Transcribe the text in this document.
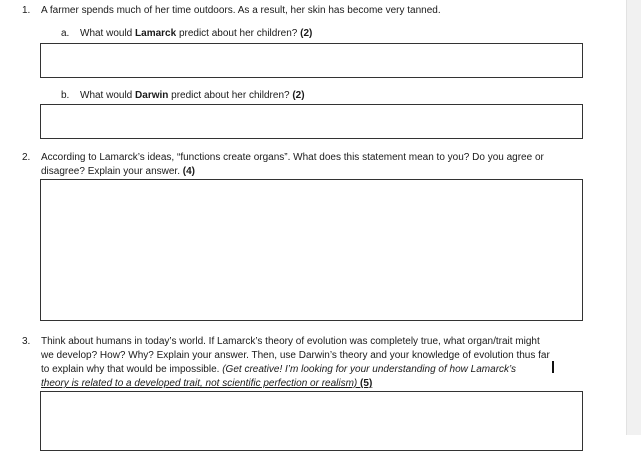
1. A farmer spends much of her time outdoors. As a result, her skin has become very tanned.
a. What would Lamarck predict about her children? (2)
b. What would Darwin predict about her children? (2)
2. According to Lamarck’s ideas, “functions create organs”. What does this statement mean to you? Do you agree or
disagree? Explain your answer. (4)
3. Think about humans in today’s world. If Lamarck’s theory of evolution was completely true, what organ/trait might
we develop? How? Why? Explain your answer. Then, use Darwin’s theory and your knowledge of evolution thus far
to explain why that would be impossible. (Get creative! I’m looking for your understanding of how Lamarck’s
theory is related to a developed trait, not scientific perfection or realism) (5)
